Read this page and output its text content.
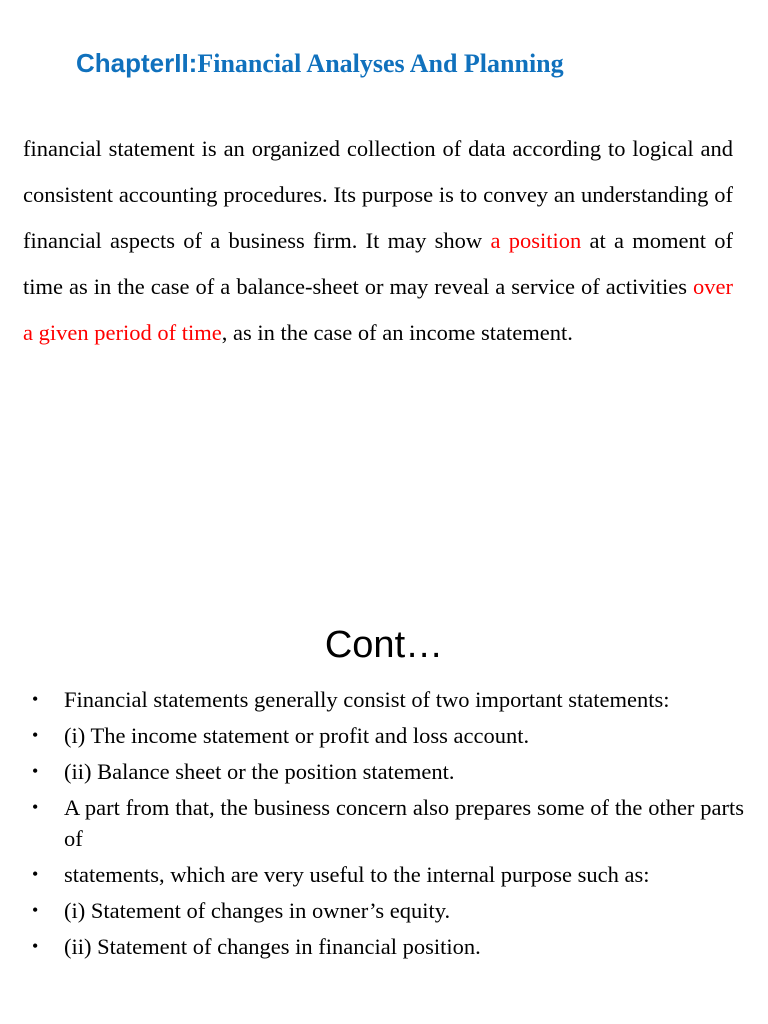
ChapterII:Financial Analyses And Planning

financial statement is an organized collection of data according to logical and consistent accounting procedures. Its purpose is to convey an understanding of financial aspects of a business firm. It may show a position at a moment of time as in the case of a balance-sheet or may reveal a service of activities over a given period of time, as in the case of an income statement.

Cont…
• Financial statements generally consist of two important statements:
• (i) The income statement or profit and loss account.
• (ii) Balance sheet or the position statement.
• A part from that, the business concern also prepares some of the other parts of
• statements, which are very useful to the internal purpose such as:
• (i) Statement of changes in owner’s equity.
• (ii) Statement of changes in financial position.
